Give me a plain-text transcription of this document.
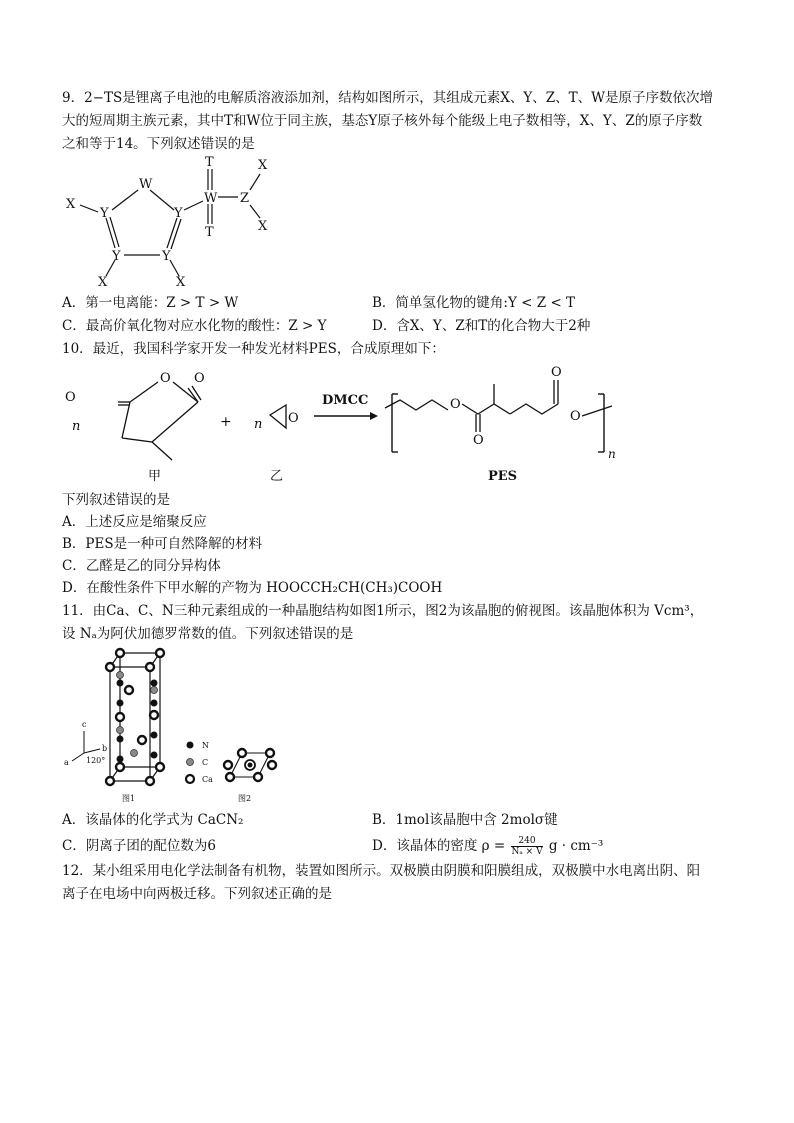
9．2−TS是锂离子电池的电解质溶液添加剂，结构如图所示，其组成元素X、Y、Z、T、W是原子序数依次增
大的短周期主族元素，其中T和W位于同主族，基态Y原子核外每个能级上电子数相等，X、Y、Z的原子序数
之和等于14。下列叙述错误的是
W
Y	Y
Y	Y
X
X	X
T
W
T
Z
X
X
A．第一电离能：Z > T > W	B．简单氢化物的键角:Y < Z < T
C．最高价氧化物对应水化物的酸性：Z > Y	D．含X、Y、Z和T的化合物大于2种
10．最近，我国科学家开发一种发光材料PES，合成原理如下：
n
O
O
O
甲
+ n O
乙
DMCC	O
O
O
O
n
PES
下列叙述错误的是
A．上述反应是缩聚反应
B．PES是一种可自然降解的材料
C．乙醛是乙的同分异构体
D．在酸性条件下甲水解的产物为 HOOCCH₂CH(CH₃)COOH
11．由Ca、C、N三种元素组成的一种晶胞结构如图1所示，图2为该晶胞的俯视图。该晶胞体积为 Vcm³，
设 Nₐ为阿伏加德罗常数的值。下列叙述错误的是
c
b
a 120°
N
C
Ca
图1	图2
A．该晶体的化学式为 CaCN₂	B．1mol该晶胞中含 2molσ键
C．阴离子团的配位数为6	D．该晶体的密度 $\rho = \frac{240}{\text{Nₐ × V}}$ g · cm⁻³
12．某小组采用电化学法制备有机物，装置如图所示。双极膜由阴膜和阳膜组成，双极膜中水电离出阴、阳
离子在电场中向两极迁移。下列叙述正确的是
